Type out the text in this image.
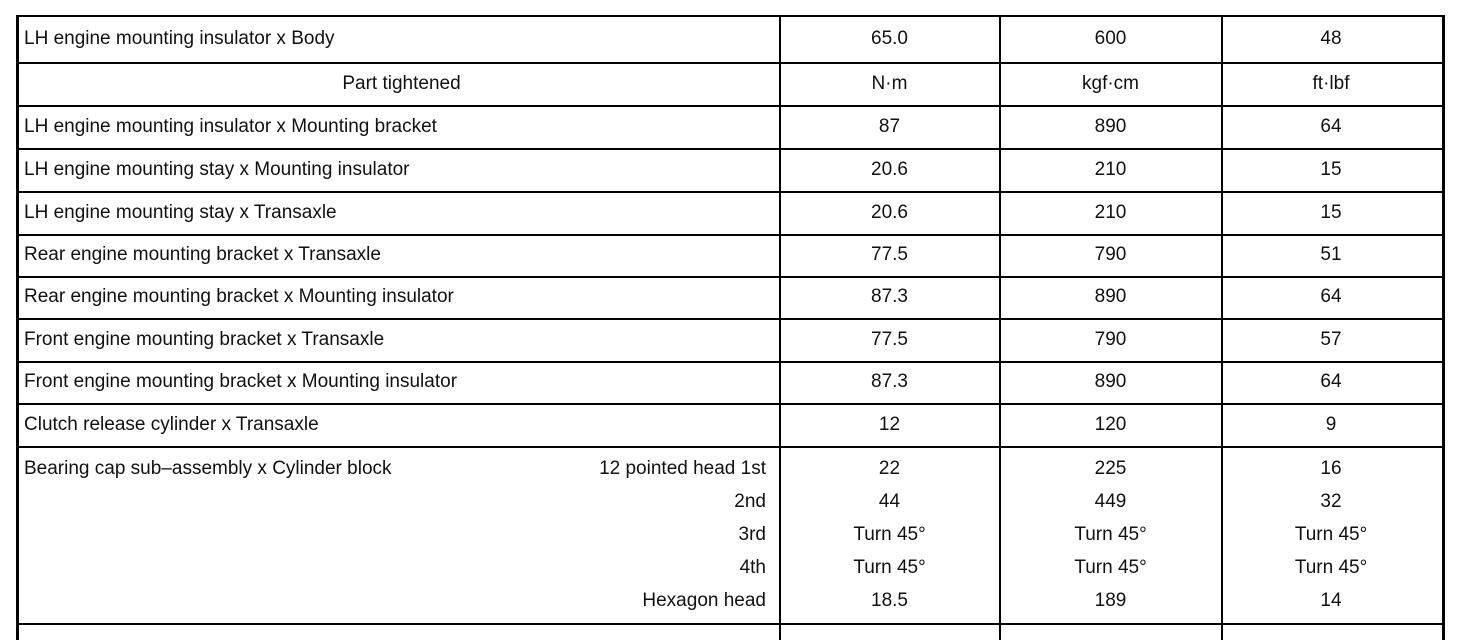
LH engine mounting insulator x Body	65.0	600	48
Part tightened	N·m	kgf·cm	ft·lbf
LH engine mounting insulator x Mounting bracket	87	890	64
LH engine mounting stay x Mounting insulator	20.6	210	15
LH engine mounting stay x Transaxle	20.6	210	15
Rear engine mounting bracket x Transaxle	77.5	790	51
Rear engine mounting bracket x Mounting insulator	87.3	890	64
Front engine mounting bracket x Transaxle	77.5	790	57
Front engine mounting bracket x Mounting insulator	87.3	890	64
Clutch release cylinder x Transaxle	12	120	9
Bearing cap sub–assembly x Cylinder block	12 pointed head 1st	22	225	16
2nd	44	449	32
3rd	Turn 45°	Turn 45°	Turn 45°
4th	Turn 45°	Turn 45°	Turn 45°
Hexagon head	18.5	189	14
